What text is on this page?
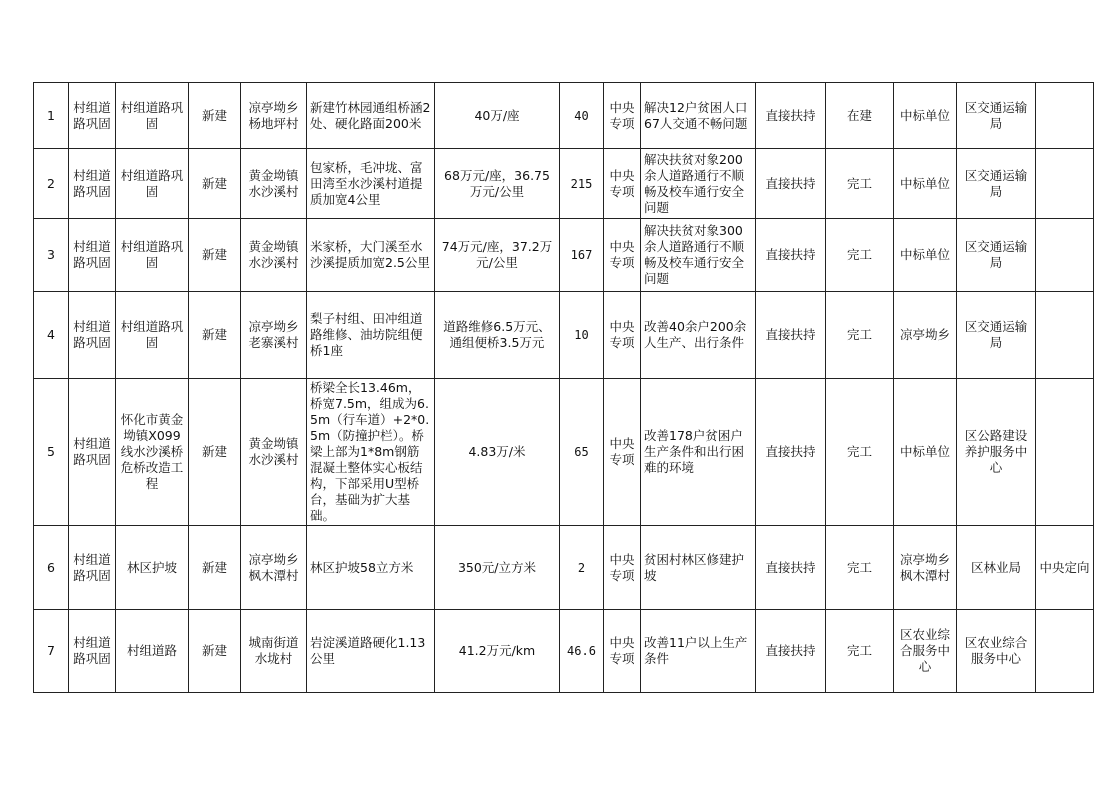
1	村组道路巩固	村组道路巩固	新建	凉亭坳乡杨地坪村	新建竹林园通组桥涵2处、硬化路面200米	40万/座	40	中央专项	解决12户贫困人口67人交通不畅问题	直接扶持	在建	中标单位	区交通运输局	
2	村组道路巩固	村组道路巩固	新建	黄金坳镇水沙溪村	包家桥，毛冲垅、富田湾至水沙溪村道提质加宽4公里	68万元/座，36.75万元/公里	215	中央专项	解决扶贫对象200余人道路通行不顺畅及校车通行安全问题	直接扶持	完工	中标单位	区交通运输局	
3	村组道路巩固	村组道路巩固	新建	黄金坳镇水沙溪村	米家桥，大门溪至水沙溪提质加宽2.5公里	74万元/座，37.2万元/公里	167	中央专项	解决扶贫对象300余人道路通行不顺畅及校车通行安全问题	直接扶持	完工	中标单位	区交通运输局	
4	村组道路巩固	村组道路巩固	新建	凉亭坳乡老寨溪村	梨子村组、田冲组道路维修、油坊院组便桥1座	道路维修6.5万元、通组便桥3.5万元	10	中央专项	改善40余户200余人生产、出行条件	直接扶持	完工	凉亭坳乡	区交通运输局	
5	村组道路巩固	怀化市黄金坳镇X099线水沙溪桥危桥改造工程	新建	黄金坳镇水沙溪村	桥梁全长13.46m，桥宽7.5m，组成为6.5m（行车道）+2*0.5m（防撞护栏）。桥梁上部为1*8m钢筋混凝土整体实心板结构，下部采用U型桥台，基础为扩大基础。	4.83万/米	65	中央专项	改善178户贫困户生产条件和出行困难的环境	直接扶持	完工	中标单位	区公路建设养护服务中心	
6	村组道路巩固	林区护坡	新建	凉亭坳乡枫木潭村	林区护坡58立方米	350元/立方米	2	中央专项	贫困村林区修建护坡	直接扶持	完工	凉亭坳乡枫木潭村	区林业局	中央定向
7	村组道路巩固	村组道路	新建	城南街道水垅村	岩淀溪道路硬化1.13公里	41.2万元/km	46.6	中央专项	改善11户以上生产条件	直接扶持	完工	区农业综合服务中心	区农业综合服务中心	
